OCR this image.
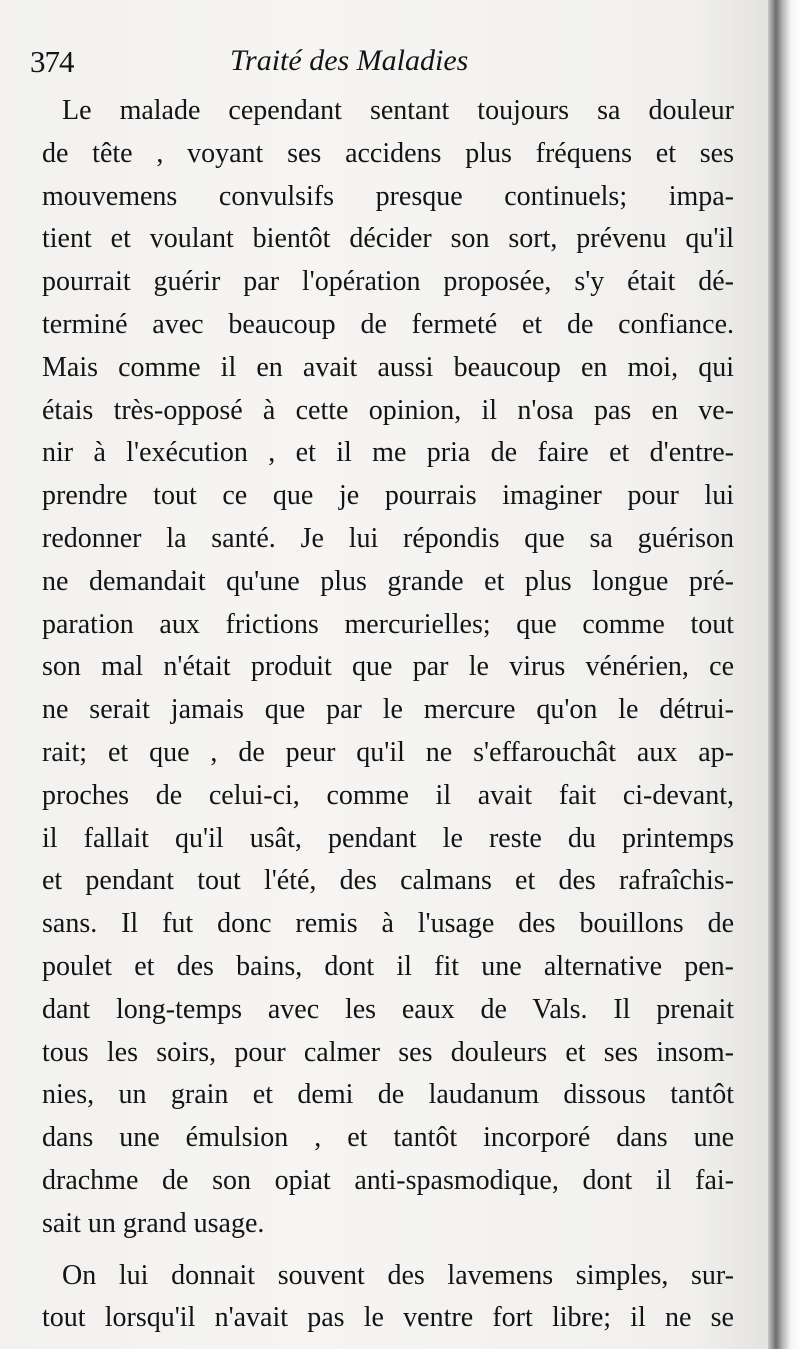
374	Traité des Maladies
Le malade cependant sentant toujours sa douleur
de tête , voyant ses accidens plus fréquens et ses
mouvemens convulsifs presque continuels; impa-
tient et voulant bientôt décider son sort, prévenu qu'il
pourrait guérir par l'opération proposée, s'y était dé-
terminé avec beaucoup de fermeté et de confiance.
Mais comme il en avait aussi beaucoup en moi, qui
étais très-opposé à cette opinion, il n'osa pas en ve-
nir à l'exécution , et il me pria de faire et d'entre-
prendre tout ce que je pourrais imaginer pour lui
redonner la santé. Je lui répondis que sa guérison
ne demandait qu'une plus grande et plus longue pré-
paration aux frictions mercurielles; que comme tout
son mal n'était produit que par le virus vénérien, ce
ne serait jamais que par le mercure qu'on le détrui-
rait; et que , de peur qu'il ne s'effarouchât aux ap-
proches de celui-ci, comme il avait fait ci-devant,
il fallait qu'il usât, pendant le reste du printemps
et pendant tout l'été, des calmans et des rafraîchis-
sans. Il fut donc remis à l'usage des bouillons de
poulet et des bains, dont il fit une alternative pen-
dant long-temps avec les eaux de Vals. Il prenait
tous les soirs, pour calmer ses douleurs et ses insom-
nies, un grain et demi de laudanum dissous tantôt
dans une émulsion , et tantôt incorporé dans une
drachme de son opiat anti-spasmodique, dont il fai-
sait un grand usage.
On lui donnait souvent des lavemens simples, sur-
tout lorsqu'il n'avait pas le ventre fort libre; il ne se
